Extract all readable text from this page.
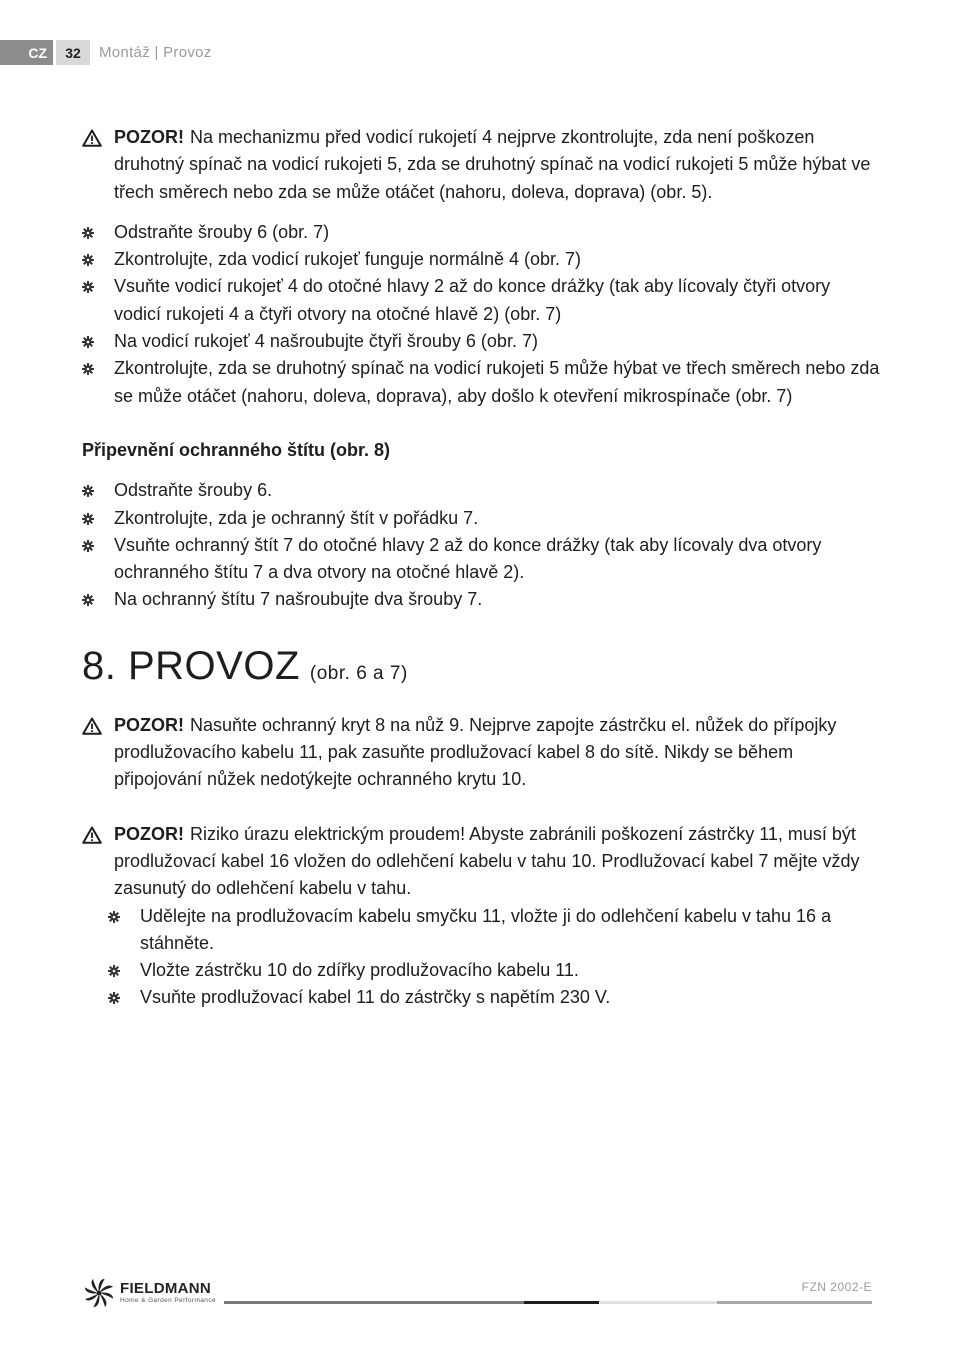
CZ	32	Montáž | Provoz
POZOR! Na mechanizmu před vodicí rukojetí 4 nejprve zkontrolujte, zda není poškozen druhotný spínač na vodicí rukojeti 5, zda se druhotný spínač na vodicí rukojeti 5 může hýbat ve třech směrech nebo zda se může otáčet (nahoru, doleva, doprava) (obr. 5).
Odstraňte šrouby 6 (obr. 7)
Zkontrolujte, zda vodicí rukojeť funguje normálně 4 (obr. 7)
Vsuňte vodicí rukojeť 4 do otočné hlavy 2 až do konce drážky (tak aby lícovaly čtyři otvory vodicí rukojeti 4 a čtyři otvory na otočné hlavě 2) (obr. 7)
Na vodicí rukojeť 4 našroubujte čtyři šrouby 6 (obr. 7)
Zkontrolujte, zda se druhotný spínač na vodicí rukojeti 5 může hýbat ve třech směrech nebo zda se může otáčet (nahoru, doleva, doprava), aby došlo k otevření mikrospínače (obr. 7)
Připevnění ochranného štítu (obr. 8)
Odstraňte šrouby 6.
Zkontrolujte, zda je ochranný štít v pořádku 7.
Vsuňte ochranný štít 7 do otočné hlavy 2 až do konce drážky (tak aby lícovaly dva otvory ochranného štítu 7 a dva otvory na otočné hlavě 2).
Na ochranný štítu 7 našroubujte dva šrouby 7.
8. PROVOZ (obr. 6 a 7)
POZOR! Nasuňte ochranný kryt 8 na nůž 9. Nejprve zapojte zástrčku el. nůžek do přípojky prodlužovacího kabelu 11, pak zasuňte prodlužovací kabel 8 do sítě. Nikdy se během připojování nůžek nedotýkejte ochranného krytu 10.
POZOR! Riziko úrazu elektrickým proudem! Abyste zabránili poškození zástrčky 11, musí být prodlužovací kabel 16 vložen do odlehčení kabelu v tahu 10. Prodlužovací kabel 7 mějte vždy zasunutý do odlehčení kabelu v tahu.
Udělejte na prodlužovacím kabelu smyčku 11, vložte ji do odlehčení kabelu v tahu 16 a stáhněte.
Vložte zástrčku 10 do zdířky prodlužovacího kabelu 11.
Vsuňte prodlužovací kabel 11 do zástrčky s napětím 230 V.
FIELDMANN
Home & Garden Performance
FZN 2002-E
